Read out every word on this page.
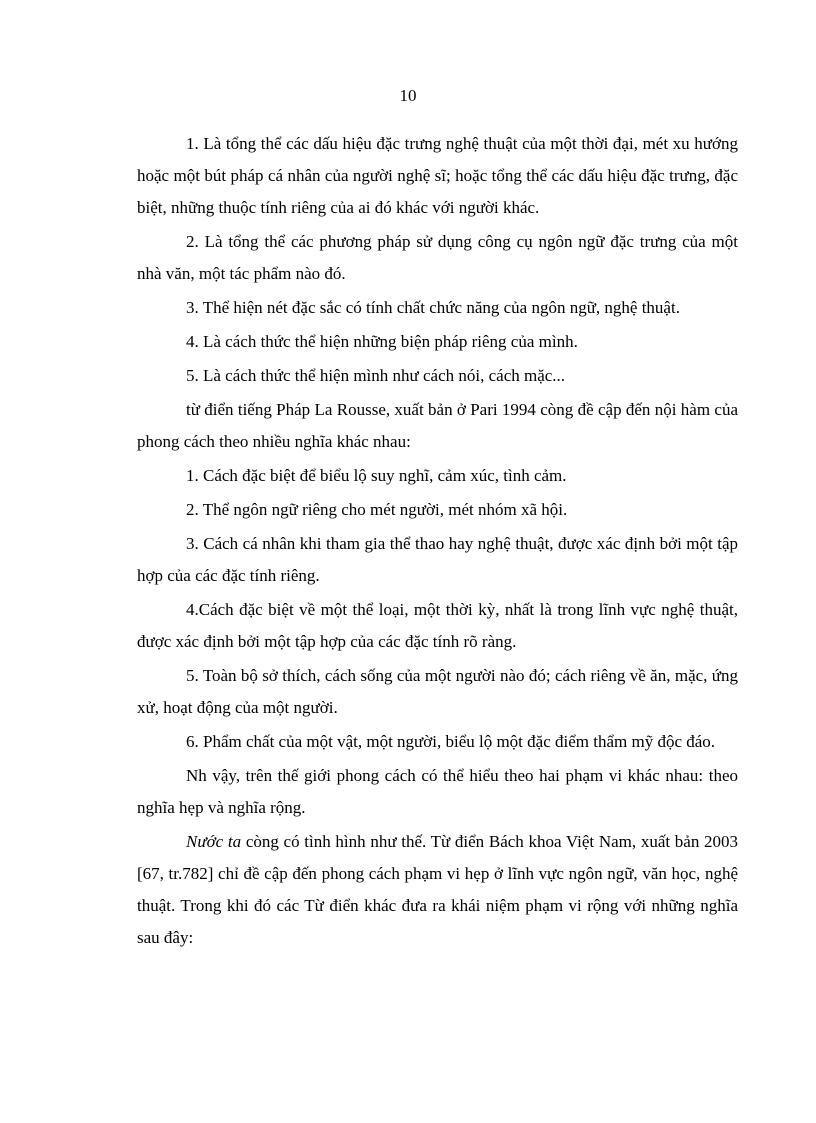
10

1. Là tổng thể các dấu hiệu đặc trưng nghệ thuật của một thời đại, mét xu hướng hoặc một bút pháp cá nhân của người nghệ sĩ; hoặc tổng thể các dấu hiệu đặc trưng, đặc biệt, những thuộc tính riêng của ai đó khác với người khác.

2. Là tổng thể các phương pháp sử dụng công cụ ngôn ngữ đặc trưng của một nhà văn, một tác phẩm nào đó.

3. Thể hiện nét đặc sắc có tính chất chức năng của ngôn ngữ, nghệ thuật.

4. Là cách thức thể hiện những biện pháp riêng của mình.

5. Là cách thức thể hiện mình như cách nói, cách mặc...

từ điển tiếng Pháp La Rousse, xuất bản ở Pari 1994 còng đề cập đến nội hàm của phong cách theo nhiều nghĩa khác nhau:

1. Cách đặc biệt để biểu lộ suy nghĩ, cảm xúc, tình cảm.

2. Thể ngôn ngữ riêng cho mét người, mét nhóm xã hội.

3. Cách cá nhân khi tham gia thể thao hay nghệ thuật, được xác định bởi một tập hợp của các đặc tính riêng.

4.Cách đặc biệt về một thể loại, một thời kỳ, nhất là trong lĩnh vực nghệ thuật, được xác định bởi một tập hợp của các đặc tính rõ ràng.

5. Toàn bộ sở thích, cách sống của một người nào đó; cách riêng về ăn, mặc, ứng xử, hoạt động của một người.

6. Phẩm chất của một vật, một người, biểu lộ một đặc điểm thẩm mỹ độc đáo.

Nh vậy, trên thế giới phong cách có thể hiểu theo hai phạm vi khác nhau: theo nghĩa hẹp và nghĩa rộng.

Nước ta còng có tình hình như thế. Từ điển Bách khoa Việt Nam, xuất bản 2003 [67, tr.782] chỉ đề cập đến phong cách phạm vi hẹp ở lĩnh vực ngôn ngữ, văn học, nghệ thuật. Trong khi đó các Từ điển khác đưa ra khái niệm phạm vi rộng với những nghĩa sau đây:
